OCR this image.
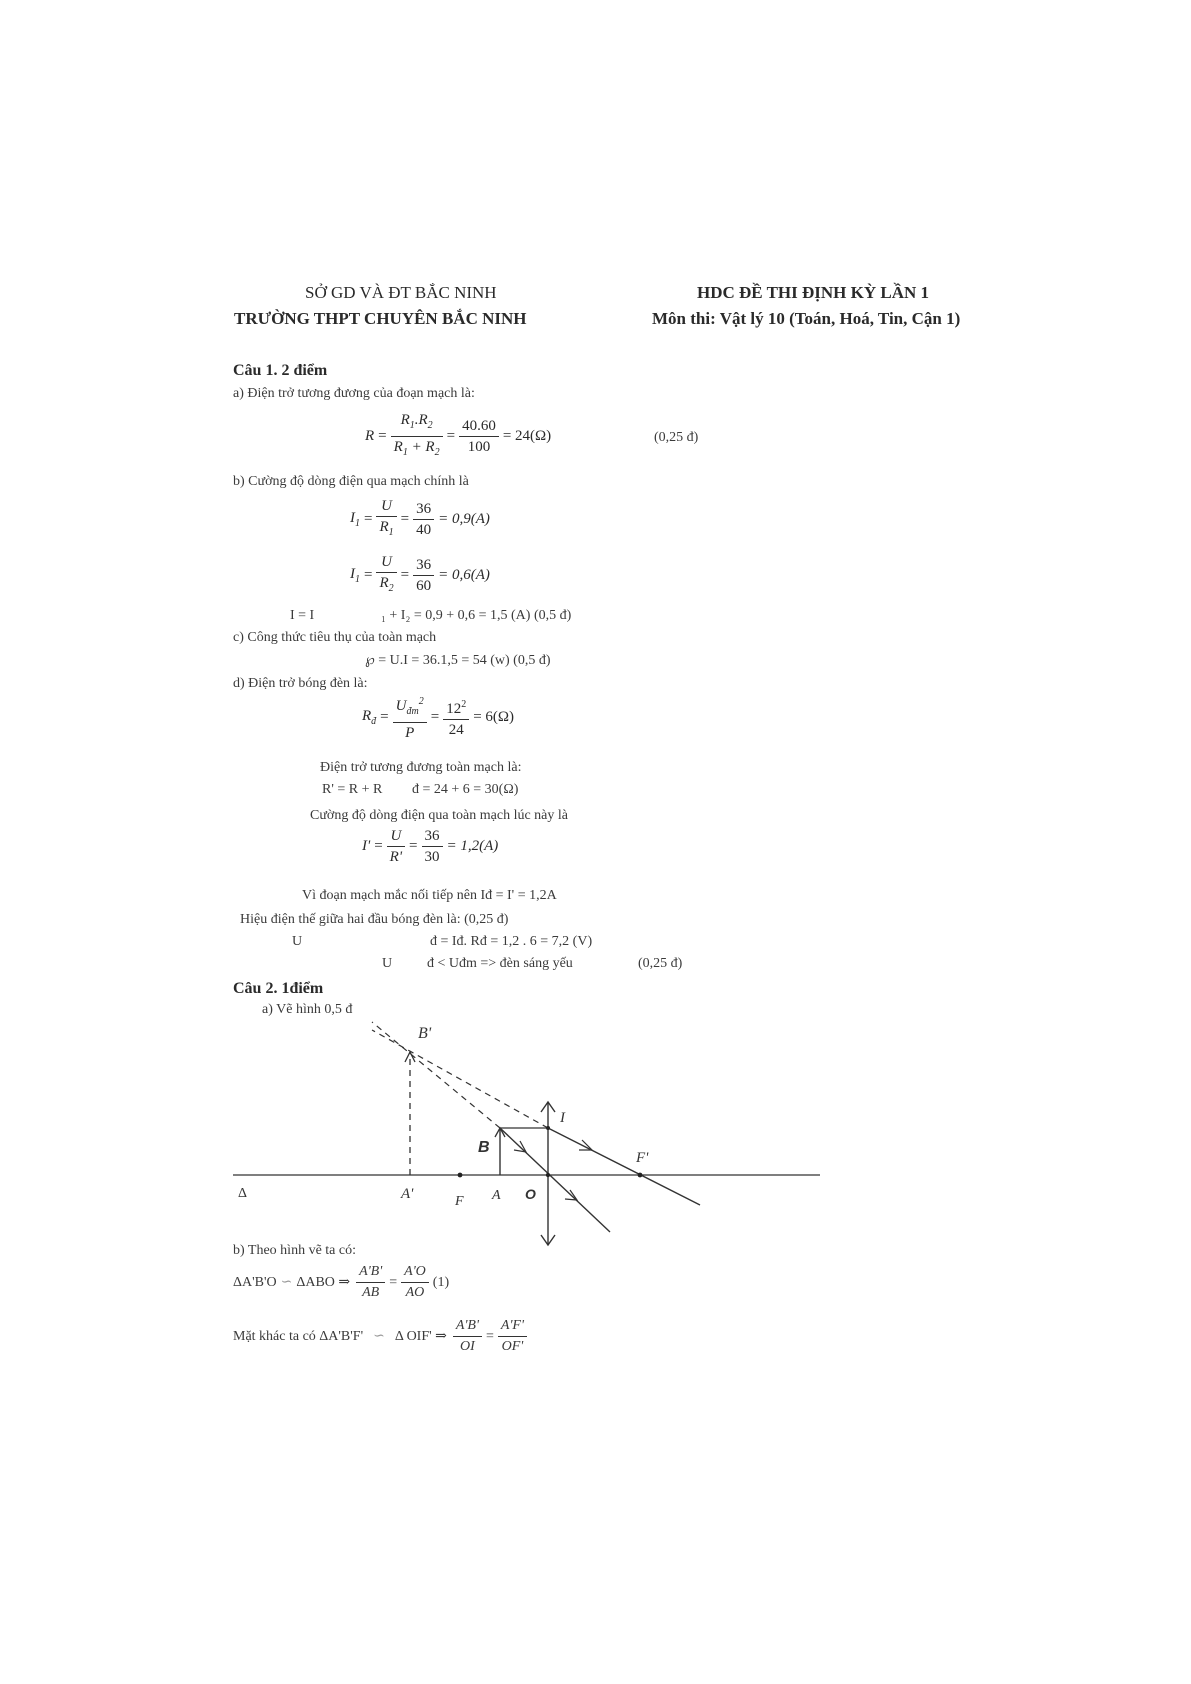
SỞ GD VÀ ĐT BẮC NINH
TRƯỜNG THPT CHUYÊN BẮC NINH
HDC ĐỀ THI ĐỊNH KỲ LẦN 1
Môn thi: Vật lý 10 (Toán, Hoá, Tin, Cận 1)
Câu 1. 2 điểm
a) Điện trở tương đương của đoạn mạch là:
$R = \frac{R_1.R_2}{R_1 + R_2} = \frac{40.60}{100} = 24(\Omega)$	(0,25 đ)
b) Cường độ dòng điện qua mạch chính là
$I_1 = \frac{U}{R_1} = \frac{36}{40} = 0,9(A)$
$I_1 = \frac{U}{R_2} = \frac{36}{60} = 0,6(A)$
I = I	₁ + I₂ = 0,9 + 0,6 = 1,5 (A) (0,5 đ)
c) Công thức tiêu thụ của toàn mạch
℘ = U.I = 36.1,5 = 54 (w) (0,5 đ)
d) Điện trở bóng đèn là:
$R_đ$ =
$U_{đm}^2$
P
= $\frac{12^2}{24} = 6(\Omega)$
Điện trở tương đương toàn mạch là:
R' = R + R đ = 24 + 6 = 30(Ω)
Cường độ dòng điện qua toàn mạch lúc này là
$I' = \frac{U}{R'} = \frac{36}{30} = 1,2(A)$
Vì đoạn mạch mắc nối tiếp nên Iđ = I' = 1,2A
Hiệu điện thế giữa hai đầu bóng đèn là: (0,25 đ)
U	đ = Iđ. Rđ = 1,2 . 6 = 7,2 (V)
U đ < Uđm => đèn sáng yếu	(0,25 đ)
Câu 2. 1điểm
a) Vẽ hình 0,5 đ
B'
I
B
F'
Δ	A'	F A O
b) Theo hình vẽ ta có:
ΔA'B'O ∽ ΔABO ⇒ $\frac{A'B'}{AB} = \frac{A'O}{AO} (1)$
Mặt khác ta có ΔA'B'F' ∽ Δ OIF' ⇒ $\frac{A'B'}{OI} = \frac{A'F'}{OF'}$
